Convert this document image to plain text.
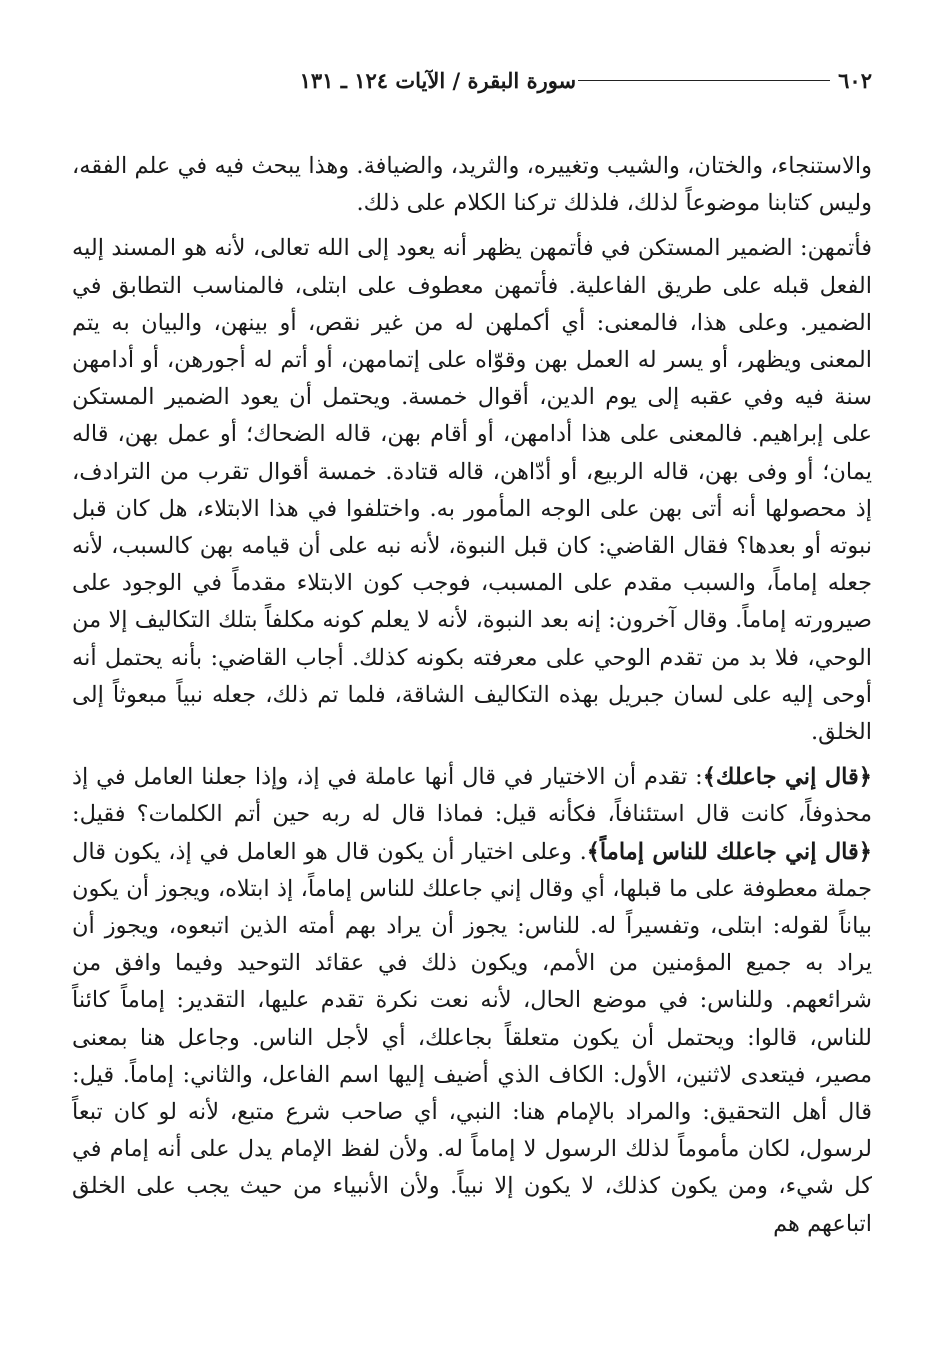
٦٠٢
سورة البقرة / الآيات ١٢٤ ـ ١٣١

والاستنجاء، والختان، والشيب وتغييره، والثريد، والضيافة. وهذا يبحث فيه في علم الفقه، وليس كتابنا موضوعاً لذلك، فلذلك تركنا الكلام على ذلك.

فأتمهن: الضمير المستكن في فأتمهن يظهر أنه يعود إلى الله تعالى، لأنه هو المسند إليه الفعل قبله على طريق الفاعلية. فأتمهن معطوف على ابتلى، فالمناسب التطابق في الضمير. وعلى هذا، فالمعنى: أي أكملهن له من غير نقص، أو بينهن، والبيان به يتم المعنى ويظهر، أو يسر له العمل بهن وقوّاه على إتمامهن، أو أتم له أجورهن، أو أدامهن سنة فيه وفي عقبه إلى يوم الدين، أقوال خمسة. ويحتمل أن يعود الضمير المستكن على إبراهيم. فالمعنى على هذا أدامهن، أو أقام بهن، قاله الضحاك؛ أو عمل بهن، قاله يمان؛ أو وفى بهن، قاله الربيع، أو أدّاهن، قاله قتادة. خمسة أقوال تقرب من الترادف، إذ محصولها أنه أتى بهن على الوجه المأمور به. واختلفوا في هذا الابتلاء، هل كان قبل نبوته أو بعدها؟ فقال القاضي: كان قبل النبوة، لأنه نبه على أن قيامه بهن كالسبب، لأنه جعله إماماً، والسبب مقدم على المسبب، فوجب كون الابتلاء مقدماً في الوجود على صيرورته إماماً. وقال آخرون: إنه بعد النبوة، لأنه لا يعلم كونه مكلفاً بتلك التكاليف إلا من الوحي، فلا بد من تقدم الوحي على معرفته بكونه كذلك. أجاب القاضي: بأنه يحتمل أنه أوحى إليه على لسان جبريل بهذه التكاليف الشاقة، فلما تم ذلك، جعله نبياً مبعوثاً إلى الخلق.

﴿قال إني جاعلك﴾: تقدم أن الاختيار في قال أنها عاملة في إذ، وإذا جعلنا العامل في إذ محذوفاً، كانت قال استئنافاً، فكأنه قيل: فماذا قال له ربه حين أتم الكلمات؟ فقيل: ﴿قال إني جاعلك للناس إماماً﴾. وعلى اختيار أن يكون قال هو العامل في إذ، يكون قال جملة معطوفة على ما قبلها، أي وقال إني جاعلك للناس إماماً، إذ ابتلاه، ويجوز أن يكون بياناً لقوله: ابتلى، وتفسيراً له. للناس: يجوز أن يراد بهم أمته الذين اتبعوه، ويجوز أن يراد به جميع المؤمنين من الأمم، ويكون ذلك في عقائد التوحيد وفيما وافق من شرائعهم. وللناس: في موضع الحال، لأنه نعت نكرة تقدم عليها، التقدير: إماماً كائناً للناس، قالوا: ويحتمل أن يكون متعلقاً بجاعلك، أي لأجل الناس. وجاعل هنا بمعنى مصير، فيتعدى لاثنين، الأول: الكاف الذي أضيف إليها اسم الفاعل، والثاني: إماماً. قيل: قال أهل التحقيق: والمراد بالإمام هنا: النبي، أي صاحب شرع متبع، لأنه لو كان تبعاً لرسول، لكان مأموماً لذلك الرسول لا إماماً له. ولأن لفظ الإمام يدل على أنه إمام في كل شيء، ومن يكون كذلك، لا يكون إلا نبياً. ولأن الأنبياء من حيث يجب على الخلق اتباعهم هم
